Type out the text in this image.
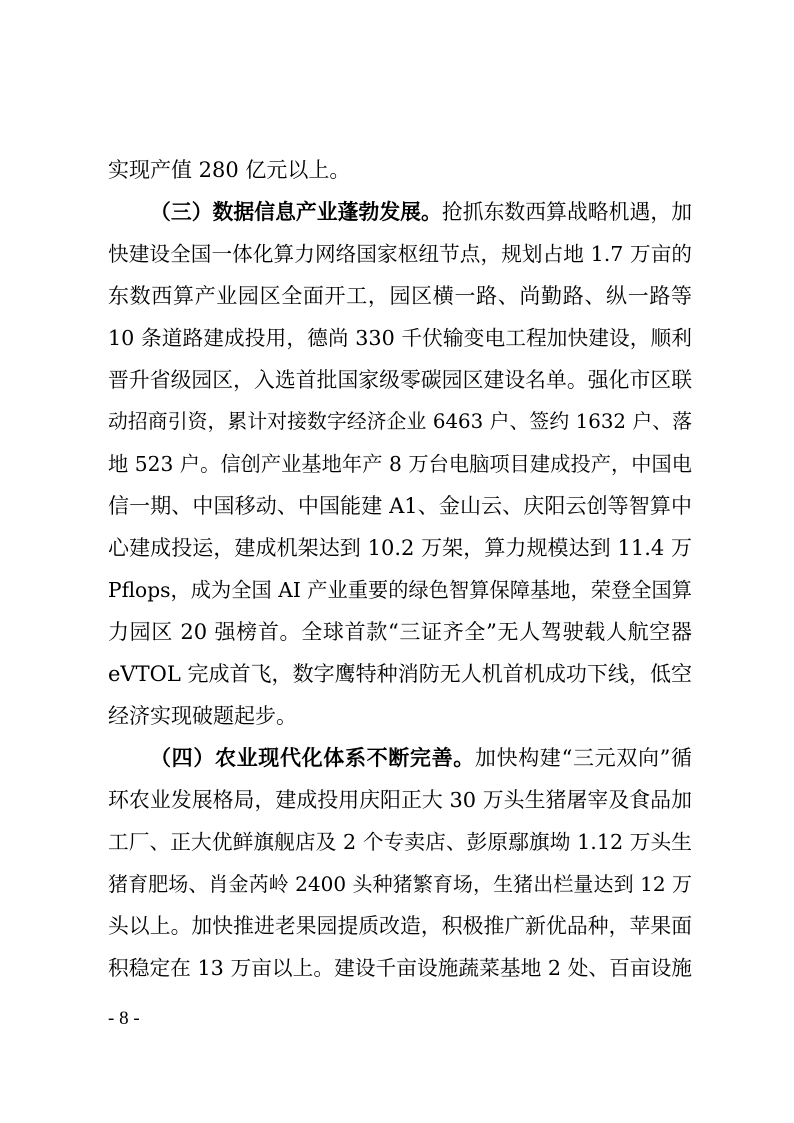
实现产值 280 亿元以上。
（三）数据信息产业蓬勃发展。抢抓东数西算战略机遇，加
快建设全国一体化算力网络国家枢纽节点，规划占地 1.7 万亩的
东数西算产业园区全面开工，园区横一路、尚勤路、纵一路等
10 条道路建成投用，德尚 330 千伏输变电工程加快建设，顺利
晋升省级园区，入选首批国家级零碳园区建设名单。强化市区联
动招商引资，累计对接数字经济企业 6463 户、签约 1632 户、落
地 523 户。信创产业基地年产 8 万台电脑项目建成投产，中国电
信一期、中国移动、中国能建 A1、金山云、庆阳云创等智算中
心建成投运，建成机架达到 10.2 万架，算力规模达到 11.4 万
Pflops，成为全国 AI 产业重要的绿色智算保障基地，荣登全国算
力园区 20 强榜首。全球首款“三证齐全”无人驾驶载人航空器
eVTOL 完成首飞，数字鹰特种消防无人机首机成功下线，低空
经济实现破题起步。
（四）农业现代化体系不断完善。加快构建“三元双向”循
环农业发展格局，建成投用庆阳正大 30 万头生猪屠宰及食品加
工厂、正大优鲜旗舰店及 2 个专卖店、彭原鄢旗坳 1.12 万头生
猪育肥场、肖金芮岭 2400 头种猪繁育场，生猪出栏量达到 12 万
头以上。加快推进老果园提质改造，积极推广新优品种，苹果面
积稳定在 13 万亩以上。建设千亩设施蔬菜基地 2 处、百亩设施
- 8 -
